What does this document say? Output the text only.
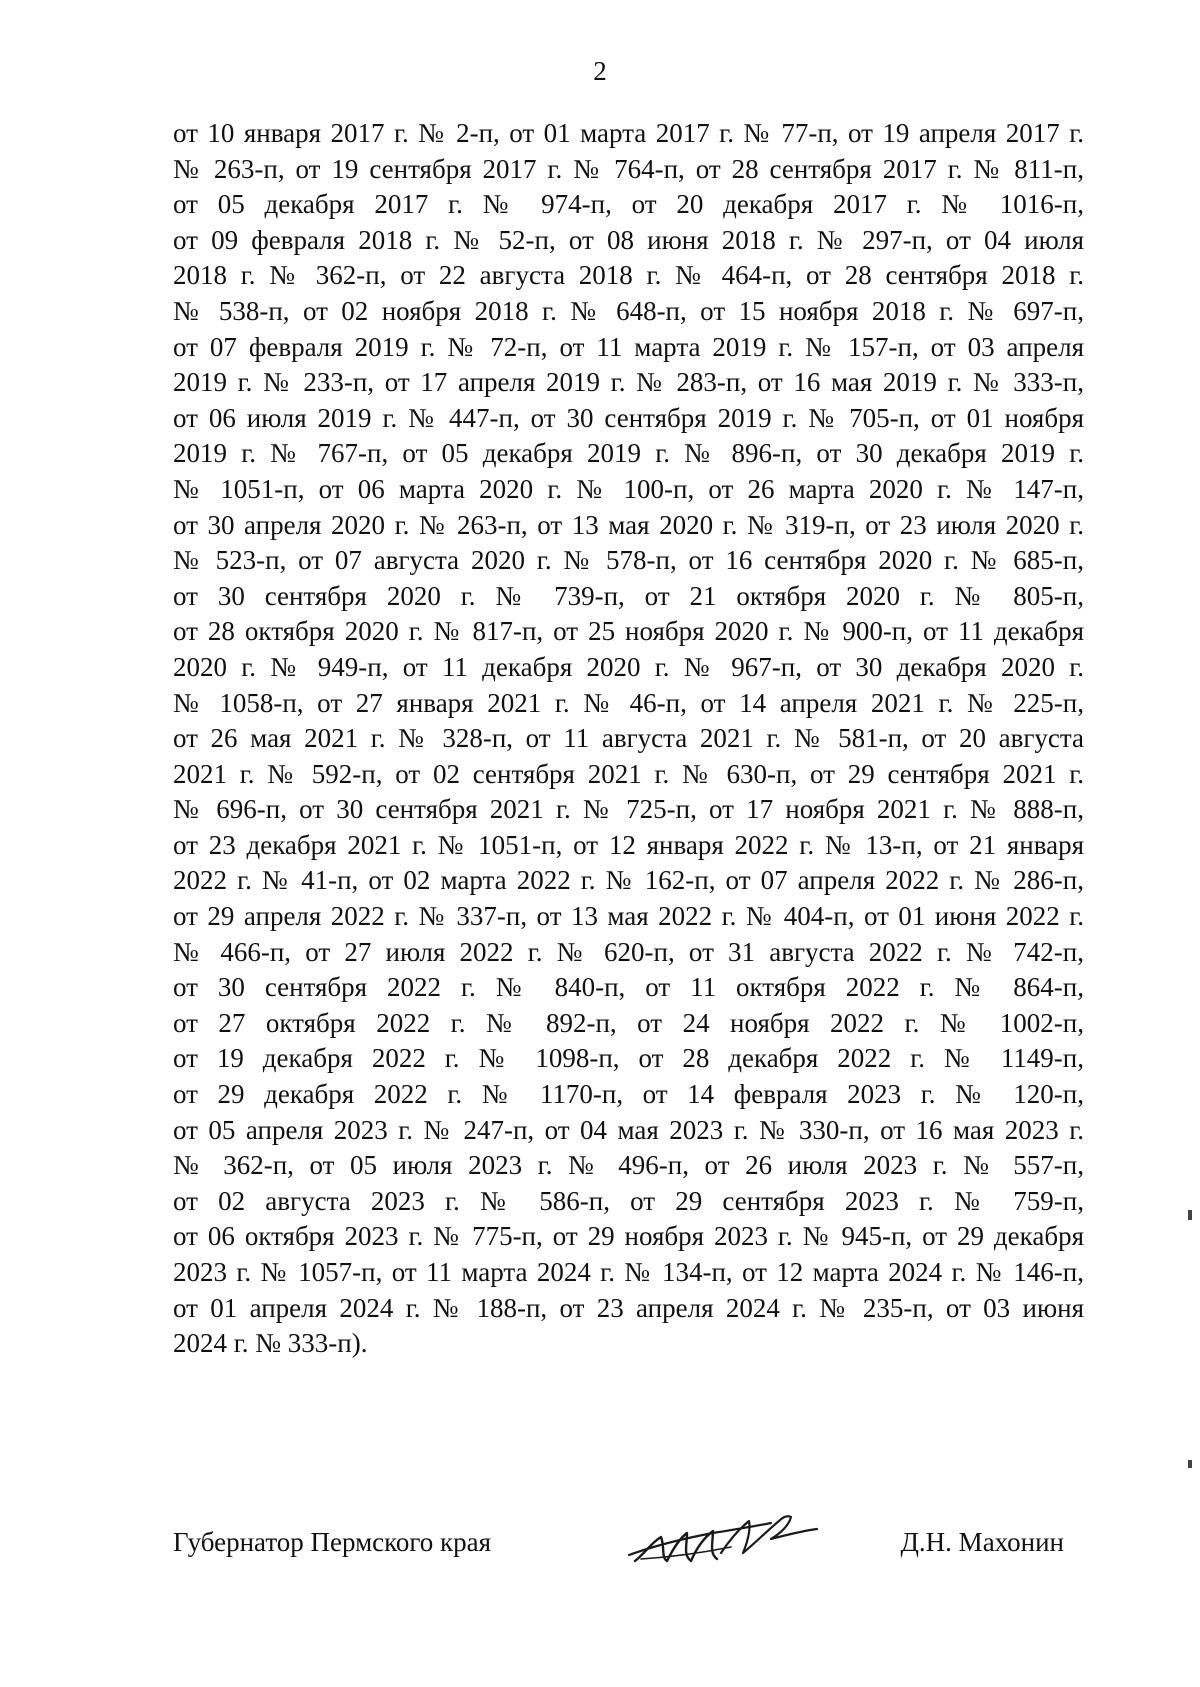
2
от 10 января 2017 г. № 2-п, от 01 марта 2017 г. № 77-п, от 19 апреля 2017 г.
№ 263-п, от 19 сентября 2017 г. № 764-п, от 28 сентября 2017 г. № 811-п,
от 05 декабря 2017 г. № 974-п, от 20 декабря 2017 г. № 1016-п,
от 09 февраля 2018 г. № 52-п, от 08 июня 2018 г. № 297-п, от 04 июля
2018 г. № 362-п, от 22 августа 2018 г. № 464-п, от 28 сентября 2018 г.
№ 538-п, от 02 ноября 2018 г. № 648-п, от 15 ноября 2018 г. № 697-п,
от 07 февраля 2019 г. № 72-п, от 11 марта 2019 г. № 157-п, от 03 апреля
2019 г. № 233-п, от 17 апреля 2019 г. № 283-п, от 16 мая 2019 г. № 333-п,
от 06 июля 2019 г. № 447-п, от 30 сентября 2019 г. № 705-п, от 01 ноября
2019 г. № 767-п, от 05 декабря 2019 г. № 896-п, от 30 декабря 2019 г.
№ 1051-п, от 06 марта 2020 г. № 100-п, от 26 марта 2020 г. № 147-п,
от 30 апреля 2020 г. № 263-п, от 13 мая 2020 г. № 319-п, от 23 июля 2020 г.
№ 523-п, от 07 августа 2020 г. № 578-п, от 16 сентября 2020 г. № 685-п,
от 30 сентября 2020 г. № 739-п, от 21 октября 2020 г. № 805-п,
от 28 октября 2020 г. № 817-п, от 25 ноября 2020 г. № 900-п, от 11 декабря
2020 г. № 949-п, от 11 декабря 2020 г. № 967-п, от 30 декабря 2020 г.
№ 1058-п, от 27 января 2021 г. № 46-п, от 14 апреля 2021 г. № 225-п,
от 26 мая 2021 г. № 328-п, от 11 августа 2021 г. № 581-п, от 20 августа
2021 г. № 592-п, от 02 сентября 2021 г. № 630-п, от 29 сентября 2021 г.
№ 696-п, от 30 сентября 2021 г. № 725-п, от 17 ноября 2021 г. № 888-п,
от 23 декабря 2021 г. № 1051-п, от 12 января 2022 г. № 13-п, от 21 января
2022 г. № 41-п, от 02 марта 2022 г. № 162-п, от 07 апреля 2022 г. № 286-п,
от 29 апреля 2022 г. № 337-п, от 13 мая 2022 г. № 404-п, от 01 июня 2022 г.
№ 466-п, от 27 июля 2022 г. № 620-п, от 31 августа 2022 г. № 742-п,
от 30 сентября 2022 г. № 840-п, от 11 октября 2022 г. № 864-п,
от 27 октября 2022 г. № 892-п, от 24 ноября 2022 г. № 1002-п,
от 19 декабря 2022 г. № 1098-п, от 28 декабря 2022 г. № 1149-п,
от 29 декабря 2022 г. № 1170-п, от 14 февраля 2023 г. № 120-п,
от 05 апреля 2023 г. № 247-п, от 04 мая 2023 г. № 330-п, от 16 мая 2023 г.
№ 362-п, от 05 июля 2023 г. № 496-п, от 26 июля 2023 г. № 557-п,
от 02 августа 2023 г. № 586-п, от 29 сентября 2023 г. № 759-п,
от 06 октября 2023 г. № 775-п, от 29 ноября 2023 г. № 945-п, от 29 декабря
2023 г. № 1057-п, от 11 марта 2024 г. № 134-п, от 12 марта 2024 г. № 146-п,
от 01 апреля 2024 г. № 188-п, от 23 апреля 2024 г. № 235-п, от 03 июня
2024 г. № 333-п).
Губернатор Пермского края	Д.Н. Махонин
